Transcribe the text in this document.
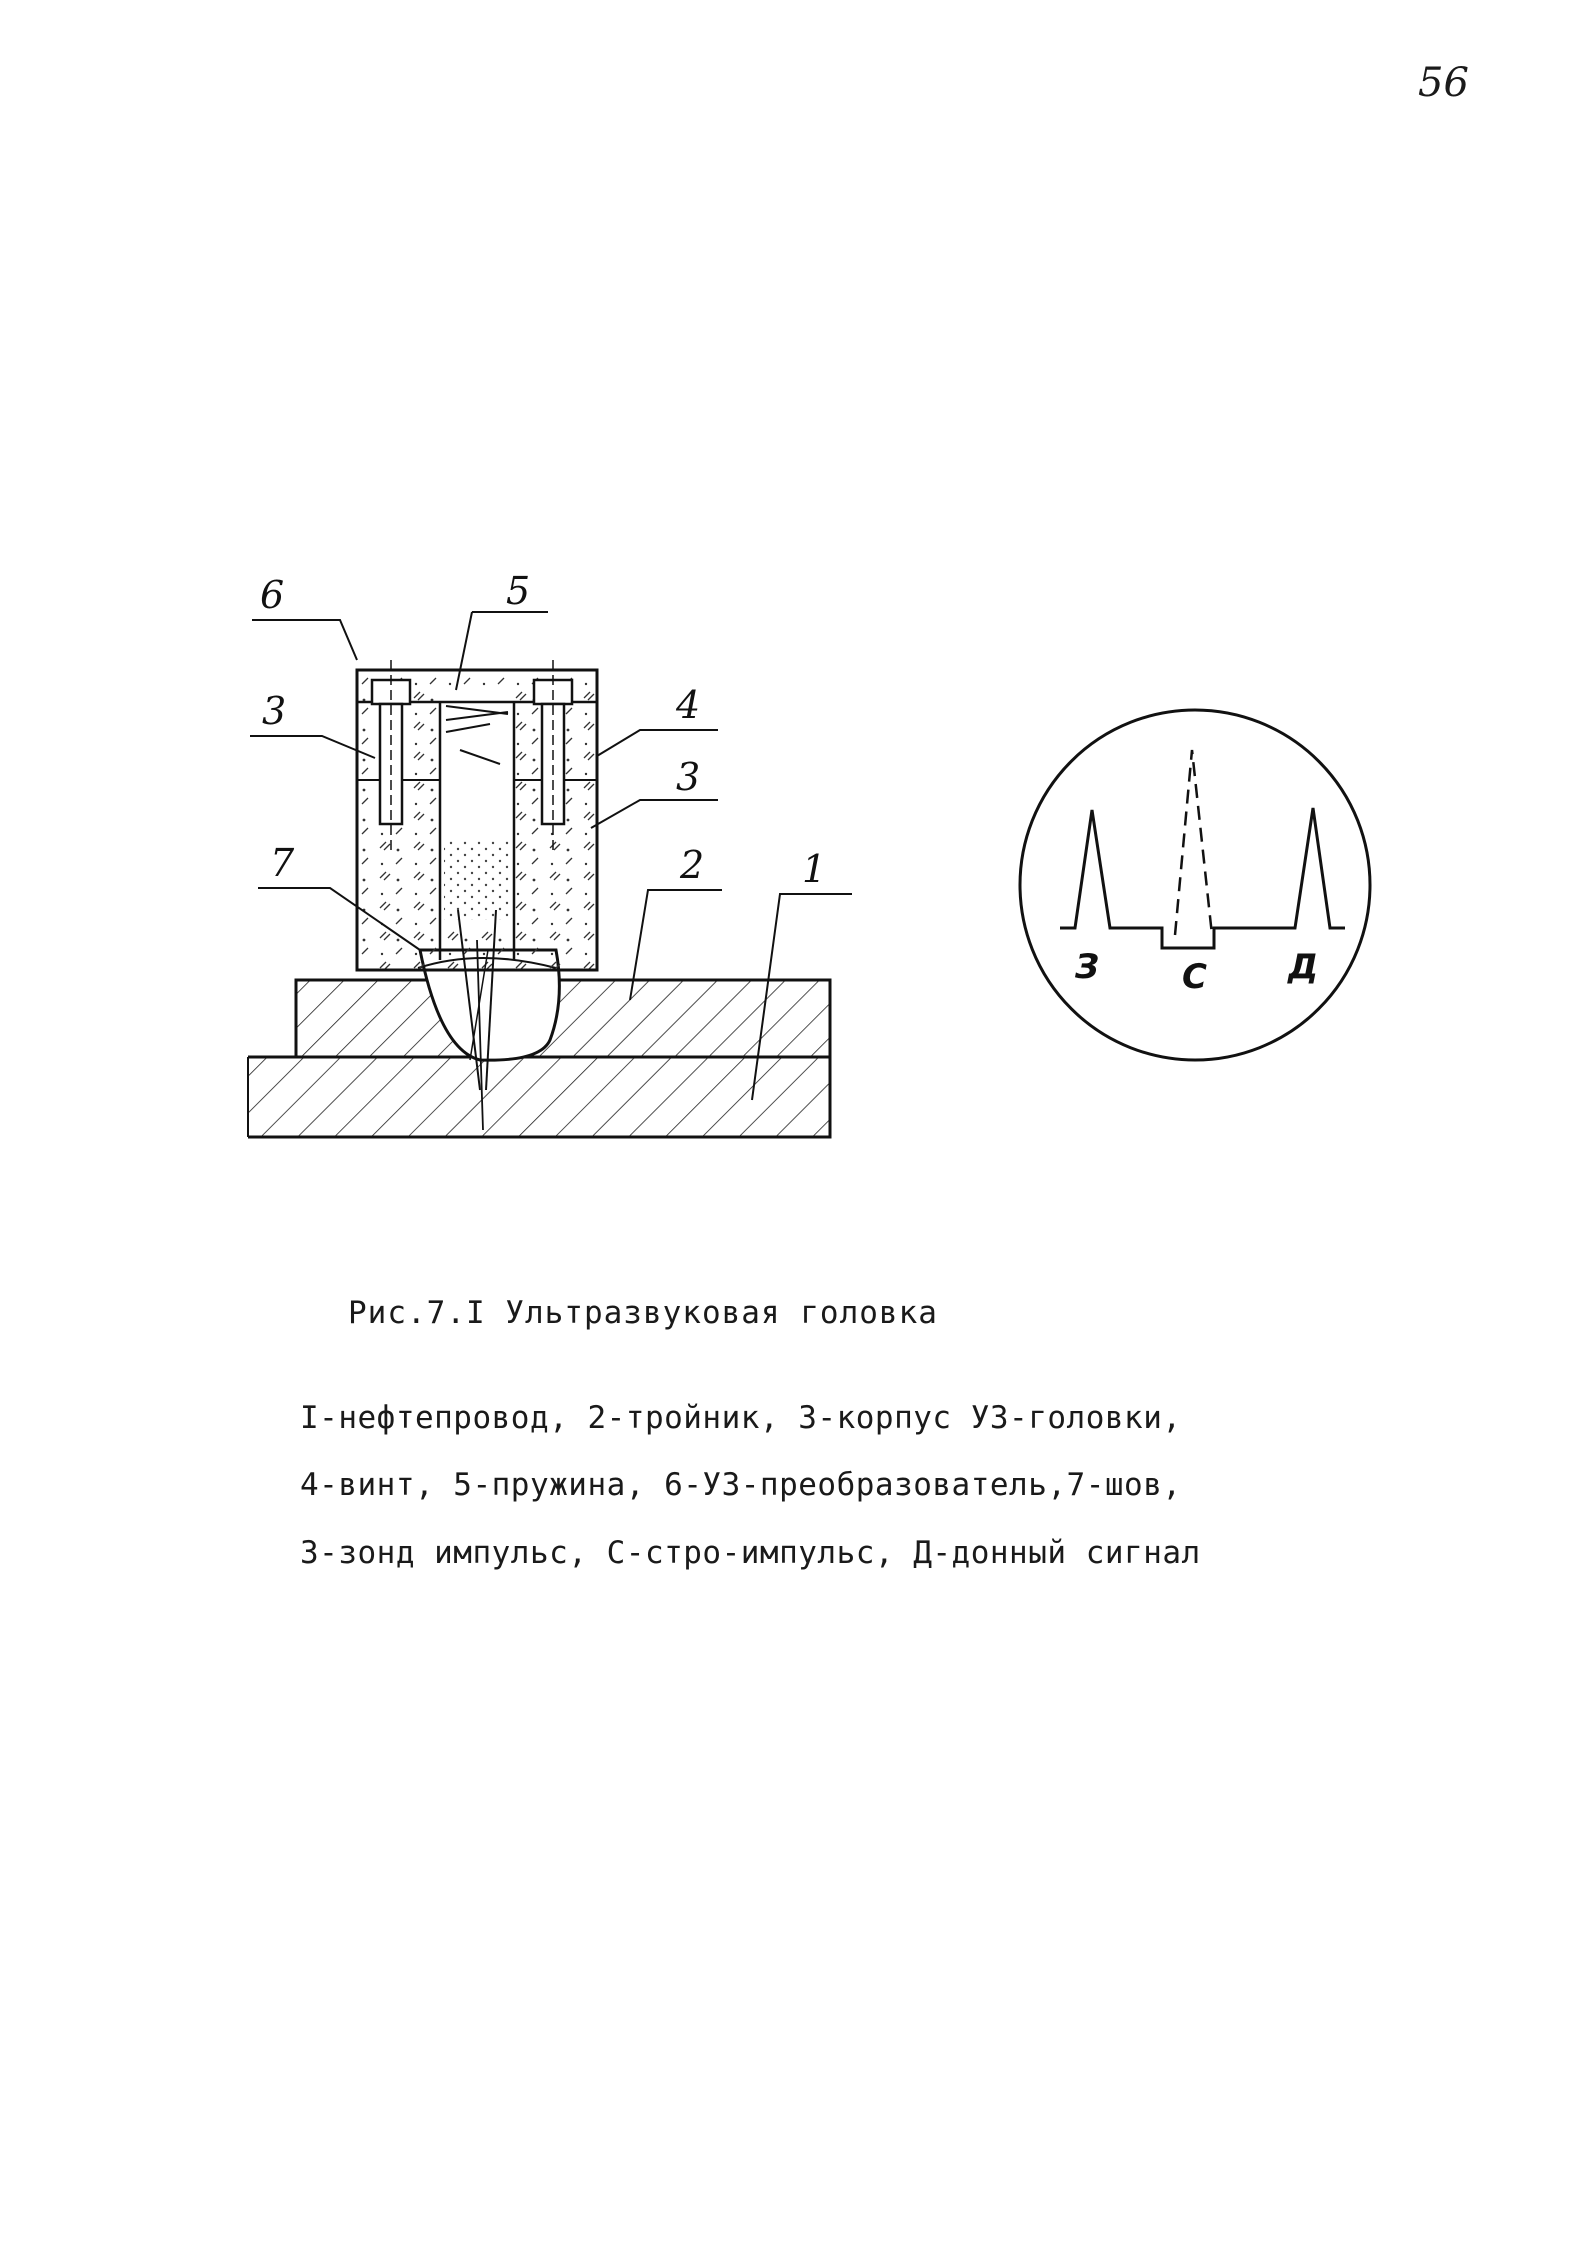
56
6	5
3	4
3
7	2	1
З С Д
Рис.7.I Ультразвуковая головка
I-нефтепровод, 2-тройник, 3-корпус УЗ-головки,
4-винт, 5-пружина, 6-УЗ-преобразователь,7-шов,
З-зонд импульс, С-стро-импульс, Д-донный сигнал
